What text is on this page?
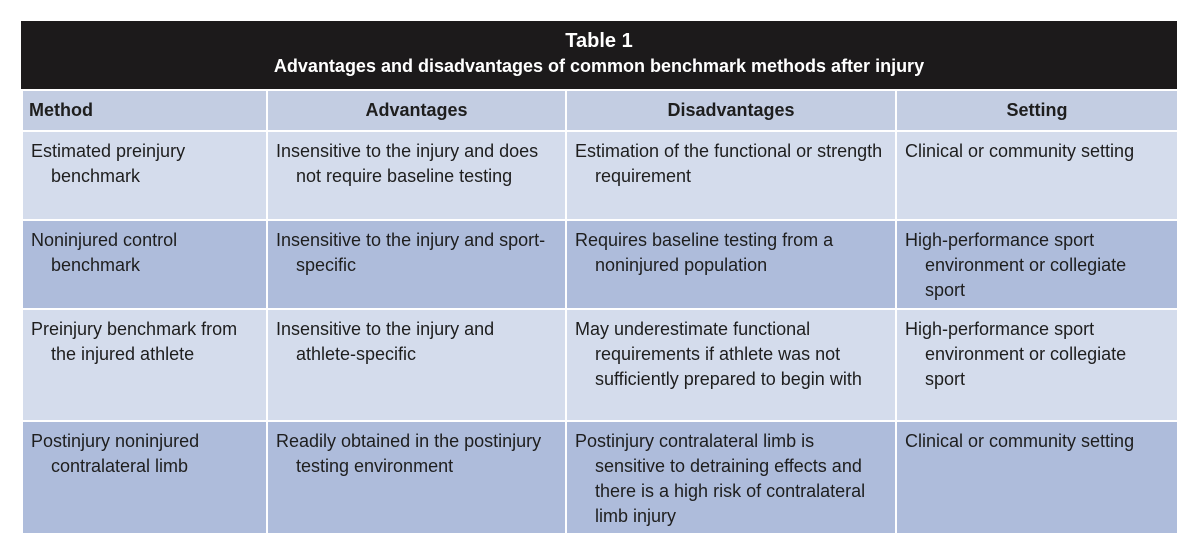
Table 1
Advantages and disadvantages of common benchmark methods after injury
Method	Advantages	Disadvantages	Setting

Estimated preinjury benchmark	Insensitive to the injury and does not require baseline testing	Estimation of the functional or strength requirement	Clinical or community setting

Noninjured control benchmark	Insensitive to the injury and sport-specific	Requires baseline testing from a noninjured population	High-performance sport environment or collegiate sport

Preinjury benchmark from the injured athlete	Insensitive to the injury and athlete-specific	May underestimate functional requirements if athlete was not sufficiently prepared to begin with	High-performance sport environment or collegiate sport

Postinjury noninjured contralateral limb	Readily obtained in the postinjury testing environment	Postinjury contralateral limb is sensitive to detraining effects and there is a high risk of contralateral limb injury	Clinical or community setting
